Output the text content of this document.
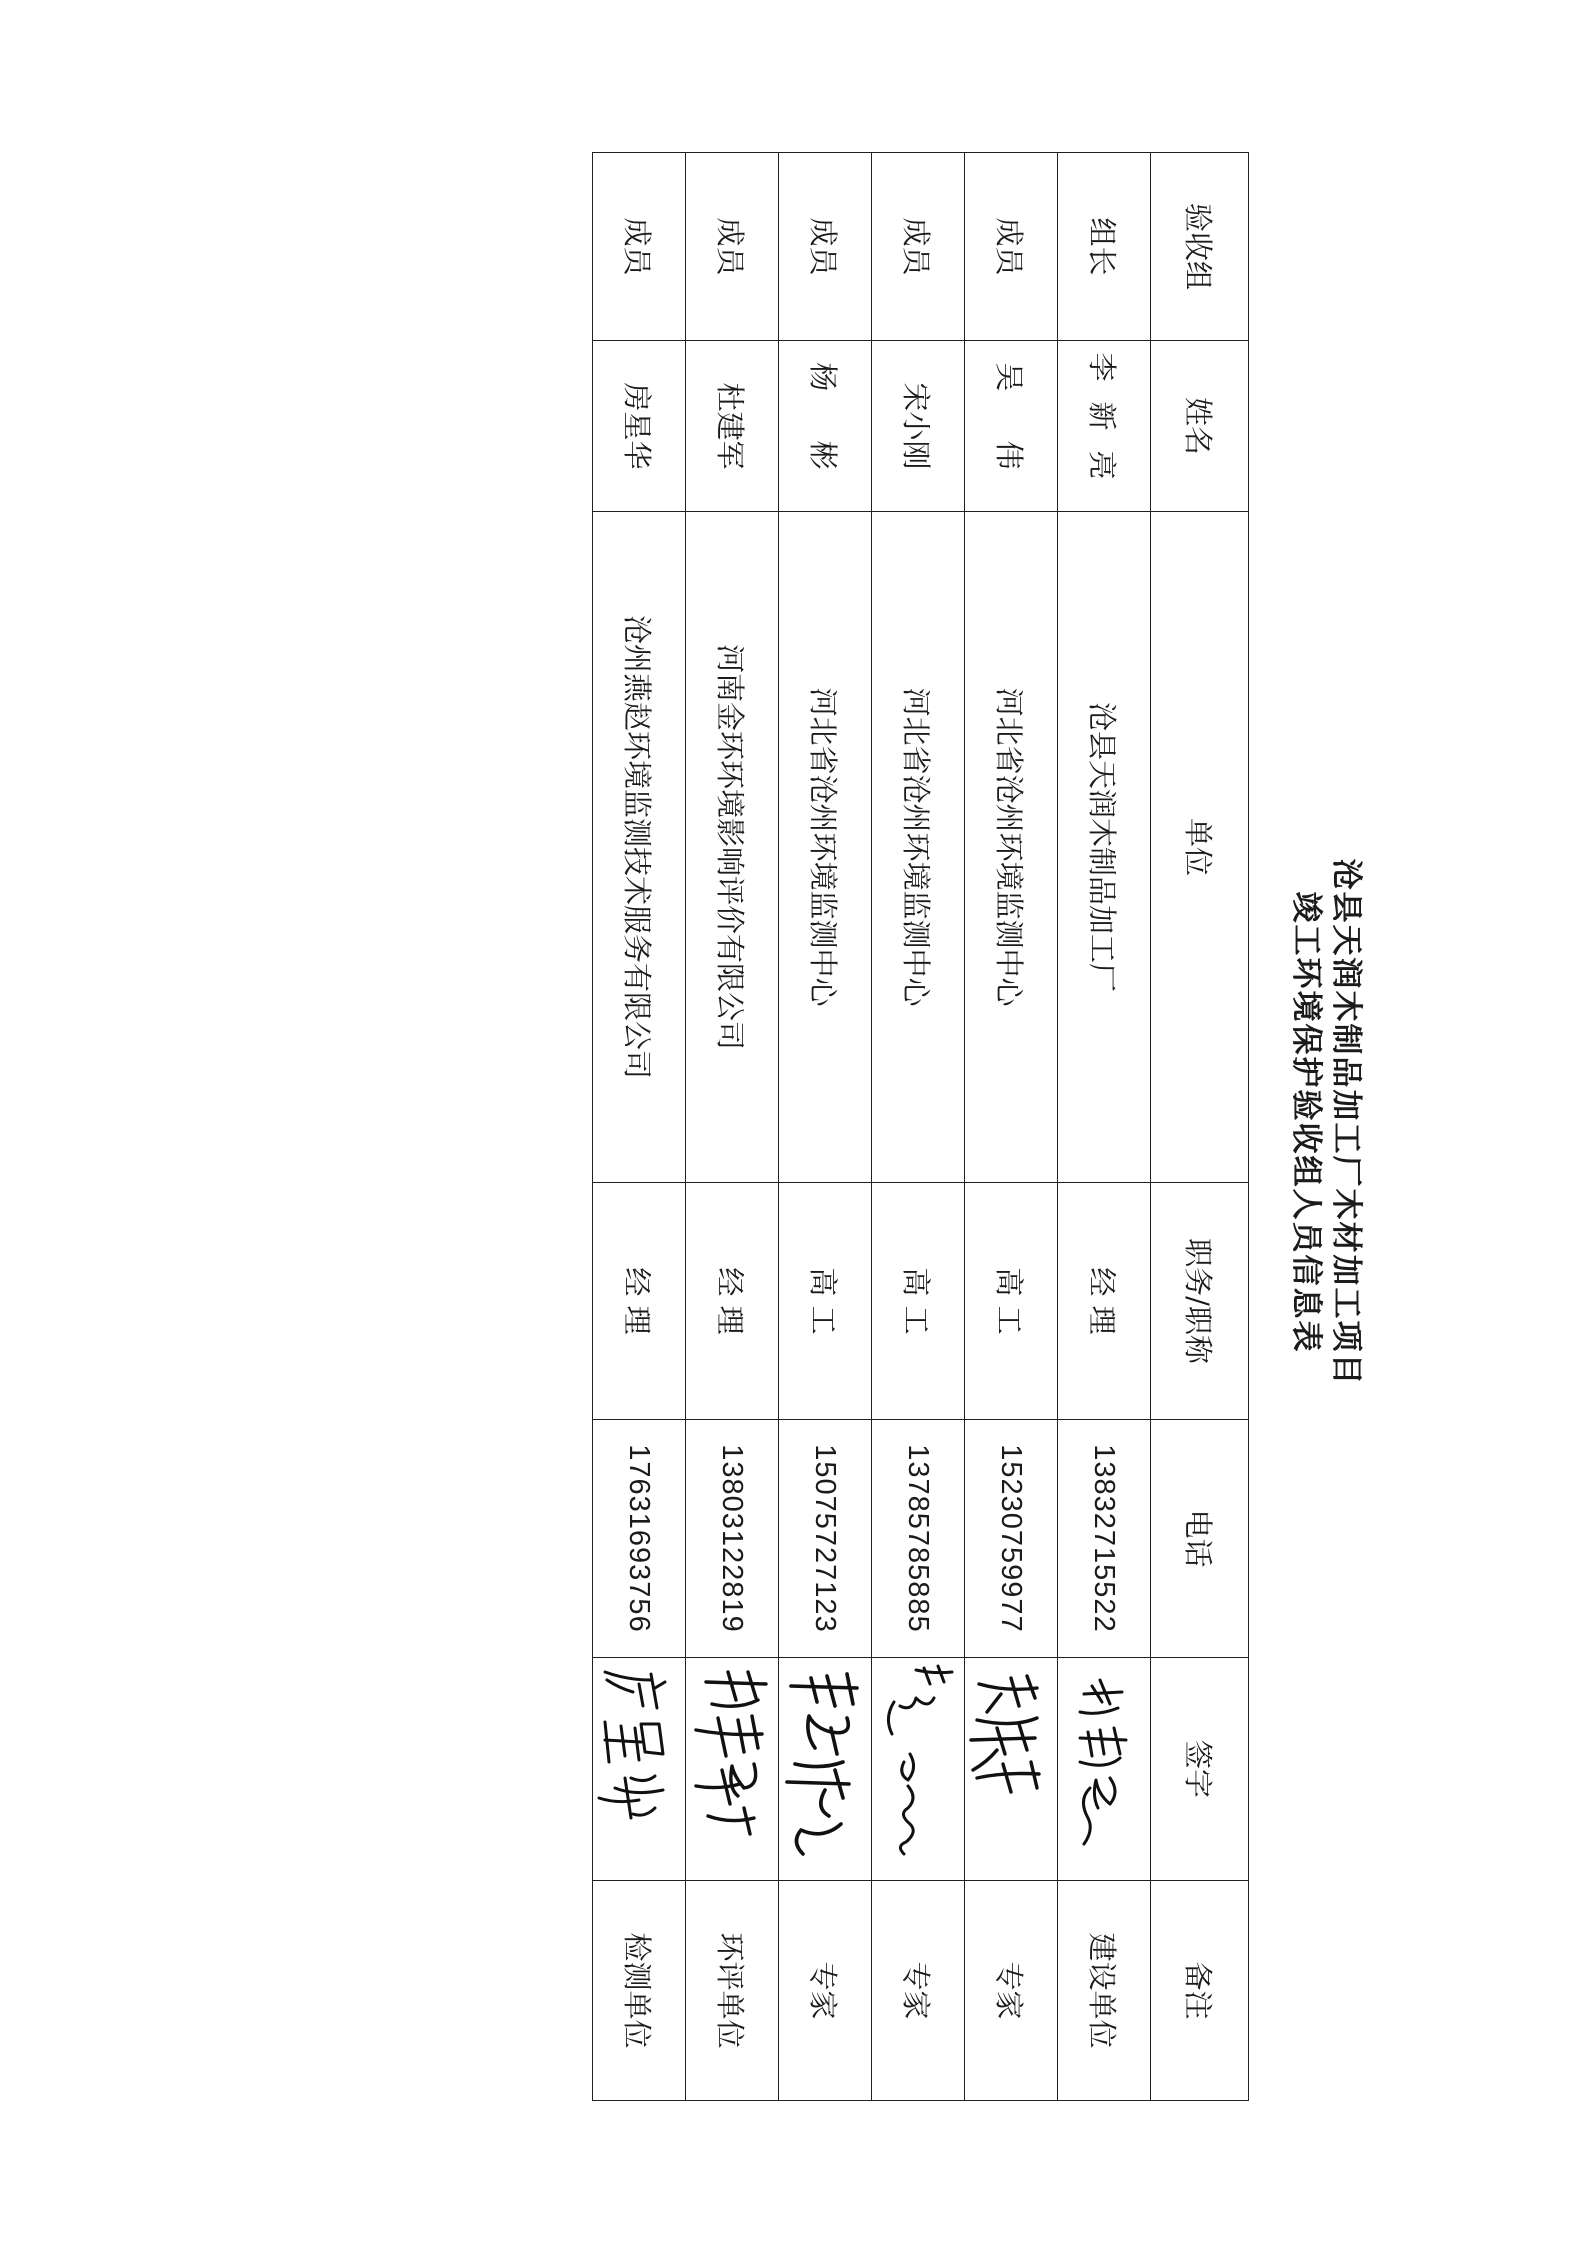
沧县天润木制品加工厂木材加工项目
竣工环境保护验收组人员信息表
验收组	姓名	单位	职务/职称	电话	签字	备注
组长	李新亮	沧县天润木制品加工厂	经 理	13832715522		建设单位
成员	吴 伟	河北省沧州环境监测中心	高 工	15230759977		专家
成员	宋小刚	河北省沧州环境监测中心	高 工	13785785885		专家
成员	杨 彬	河北省沧州环境监测中心	高 工	15075727123		专家
成员	杜建军	河南金环环境影响评价有限公司	经 理	13803122819		环评单位
成员	房星华	沧州燕赵环境监测技术服务有限公司	经 理	17631693756		检测单位
